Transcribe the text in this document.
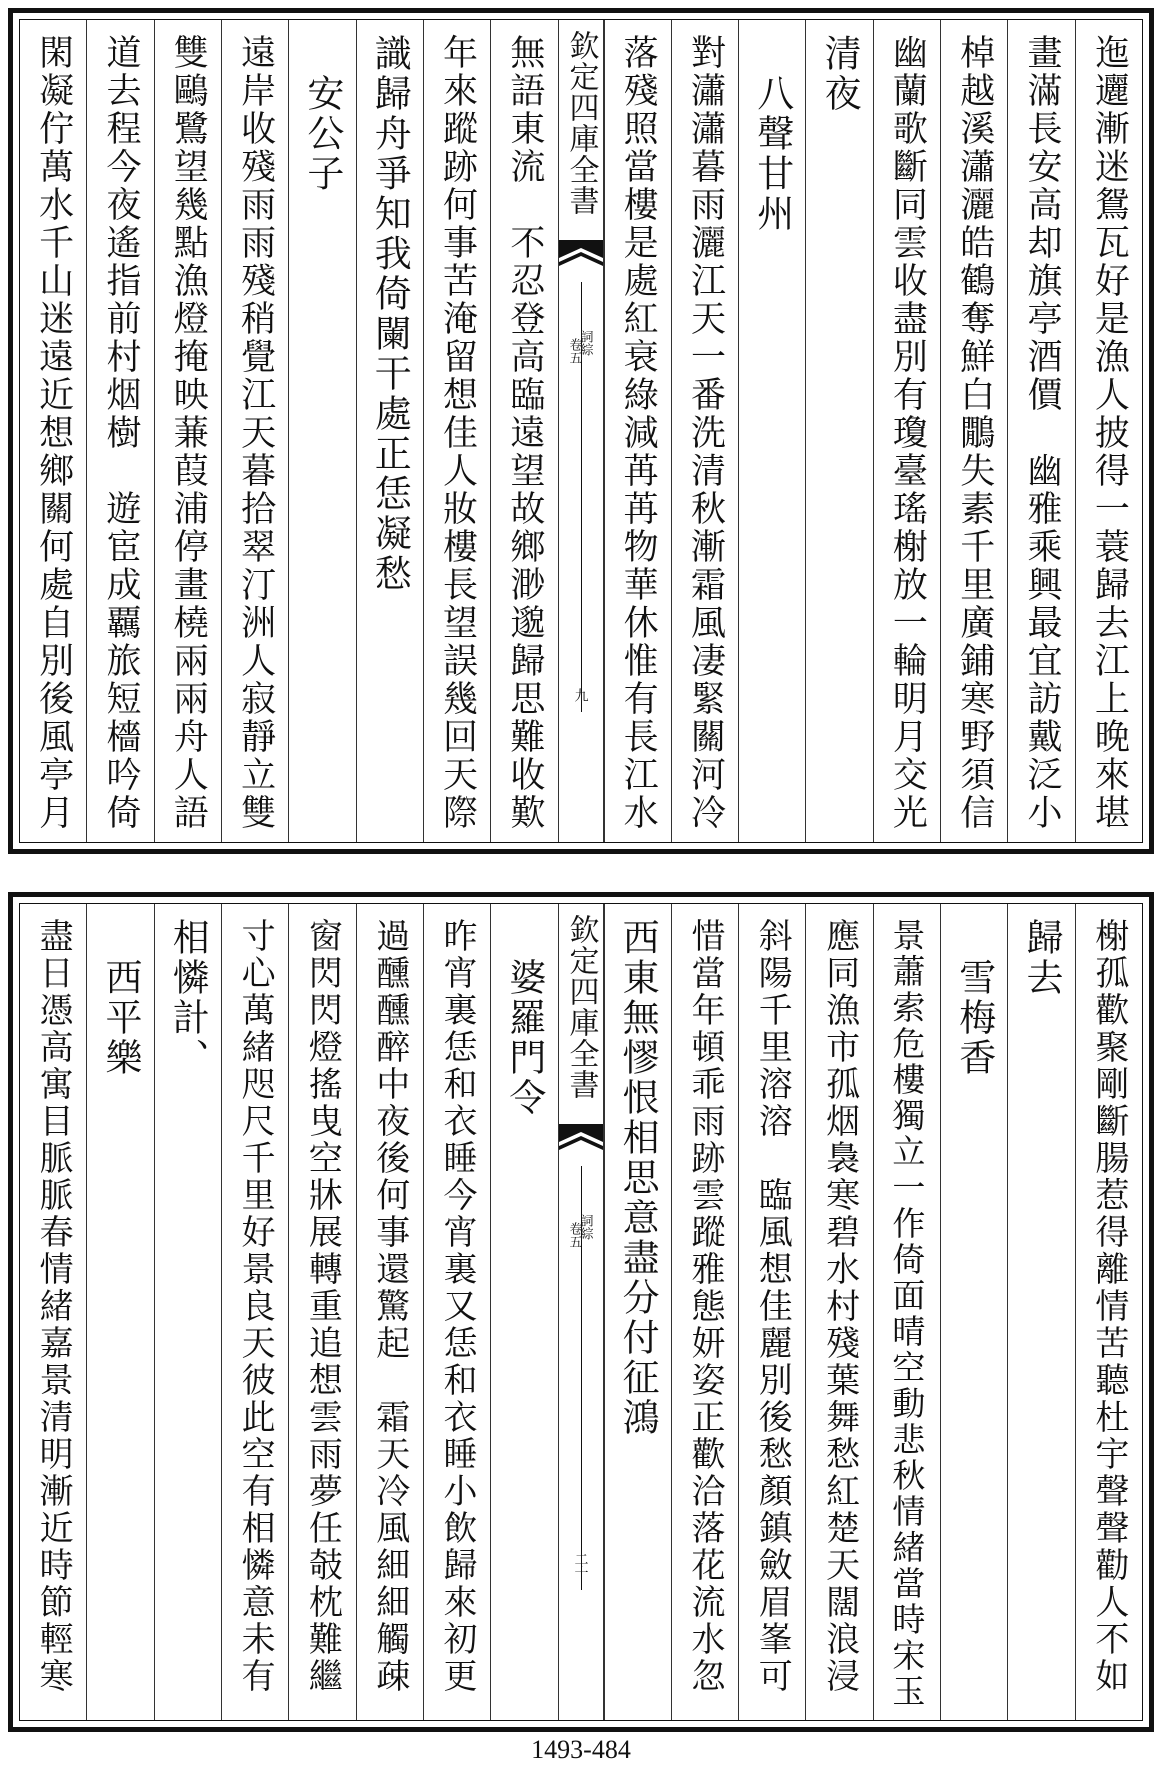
迤邐漸迷鴛瓦好是漁人披得一蓑歸去江上晚來堪
畫滿長安高却旗亭酒價　幽雅乘興最宜訪戴泛小
棹越溪瀟灑皓鶴奪鮮白鷳失素千里廣鋪寒野須信
幽蘭歌斷同雲收盡別有瓊臺瑤榭放一輪明月交光
清夜
　八聲甘州
對瀟瀟暮雨灑江天一番洗清秋漸霜風凄緊關河冷
落殘照當樓是處紅衰綠減苒苒物華休惟有長江水
欽定四庫全書
詞綜
卷五
九
無語東流　不忍登高臨遠望故鄉渺邈歸思難收歎
年來蹤跡何事苦淹留想佳人妝樓長望誤幾回天際
識歸舟爭知我倚闌干處正恁凝愁
　安公子
遠岸收殘雨雨殘稍覺江天暮拾翠汀洲人寂靜立雙
雙鷗鷺望幾點漁燈掩映蒹葭浦停畫橈兩兩舟人語
道去程今夜遙指前村烟樹　遊宦成覊旅短檣吟倚
閑凝佇萬水千山迷遠近想鄉關何處自別後風亭月
榭孤歡聚剛斷腸惹得離情苦聽杜宇聲聲勸人不如
歸去
　雪梅香
景蕭索危樓獨立一作倚面晴空動悲秋情緒當時宋玉
應同漁市孤烟裊寒碧水村殘葉舞愁紅楚天闊浪浸
斜陽千里溶溶　臨風想佳麗別後愁顏鎮斂眉峯可
惜當年頓乖雨跡雲蹤雅態妍姿正歡洽落花流水忽
西東無憀恨相思意盡分付征鴻
欽定四庫全書
詞綜
卷五
二十
　婆羅門令
昨宵裏恁和衣睡今宵裏又恁和衣睡小飲歸來初更
過醺醺醉中夜後何事還驚起　霜天冷風細細觸疎
窗閃閃燈搖曳空牀展轉重追想雲雨夢任攲枕難繼
寸心萬緒咫尺千里好景良天彼此空有相憐意未有
相憐計、
　西平樂
盡日憑高寓目脈脈春情緒嘉景清明漸近時節輕寒
1493-484
